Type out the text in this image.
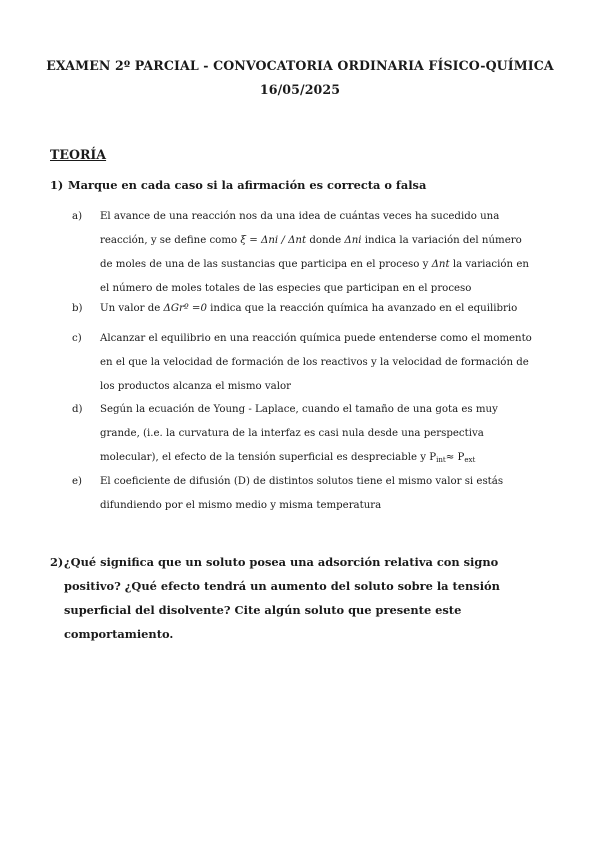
EXAMEN 2º PARCIAL - CONVOCATORIA ORDINARIA FÍSICO-QUÍMICA
16/05/2025
TEORÍA
1) Marque en cada caso si la afirmación es correcta o falsa
a)	El avance de una reacción nos da una idea de cuántas veces ha sucedido una reacción, y se define como ξ = Δni / Δnt donde Δni indica la variación del número de moles de una de las sustancias que participa en el proceso y Δnt la variación en el número de moles totales de las especies que participan en el proceso
b)	Un valor de ΔGrº =0 indica que la reacción química ha avanzado en el equilibrio
c)	Alcanzar el equilibrio en una reacción química puede entenderse como el momento en el que la velocidad de formación de los reactivos y la velocidad de formación de los productos alcanza el mismo valor
d)	Según la ecuación de Young - Laplace, cuando el tamaño de una gota es muy grande, (i.e. la curvatura de la interfaz es casi nula desde una perspectiva molecular), el efecto de la tensión superficial es despreciable y $P_{int}\approx P_{ext}$
e)	El coeficiente de difusión (D) de distintos solutos tiene el mismo valor si estás difundiendo por el mismo medio y misma temperatura
2) ¿Qué significa que un soluto posea una adsorción relativa con signo positivo? ¿Qué efecto tendrá un aumento del soluto sobre la tensión superficial del disolvente? Cite algún soluto que presente este comportamiento.
